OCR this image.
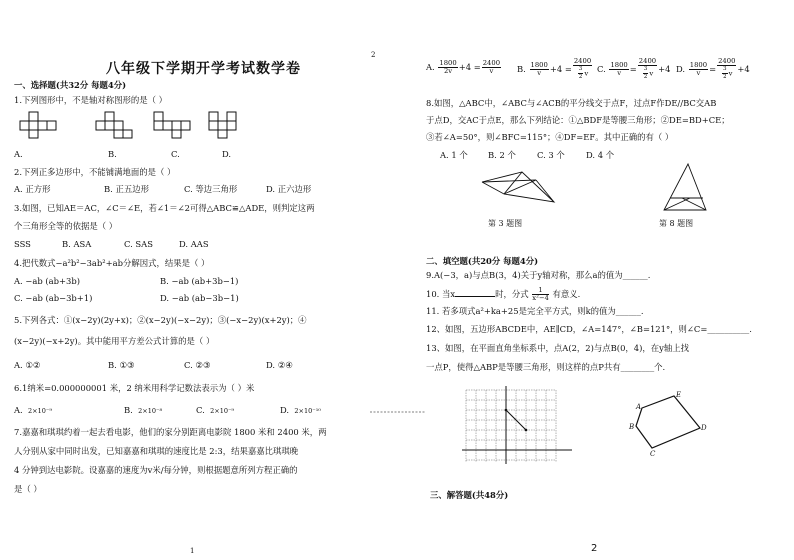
八年级下学期开学考试数学卷
2
一、选择题(共32分 每题4分)
1.下列图形中，不是轴对称图形的是（ ）
A.	B.	C.	D.
2.下列正多边形中，不能铺满地面的是（ ）
A. 正方形	B. 正五边形	C. 等边三角形	D. 正六边形
3.如图，已知AE＝AC，∠C＝∠E，若∠1＝∠2可得△ABC≌△ADE，则判定这两
个三角形全等的依据是（ ）
SSS	B. ASA	C. SAS	D. AAS
4.把代数式−a²b²−3ab²+ab分解因式，结果是（ ）
A. −ab (ab+3b)	B. −ab (ab+3b−1)
C. −ab (ab−3b+1)	D. −ab (ab−3b−1)
5.下列各式：①(x−2y)(2y+x)；②(x−2y)(−x−2y)；③(−x−2y)(x+2y)；④
(x−2y)(−x+2y)。其中能用平方差公式计算的是（ ）
A. ①②	B. ①③	C. ②③	D. ②④
6.1纳米=0.000000001 米，2 纳米用科学记数法表示为（ ）米
A. 2×10⁻⁹	B. 2×10⁻⁸	C. 2×10⁻⁹	D. 2×10⁻¹⁰
7.嘉嘉和琪琪约着一起去看电影，他们的家分别距离电影院 1800 米和 2400 米，两
人分别从家中同时出发，已知嘉嘉和琪琪的速度比是 2:3，结果嘉嘉比琪琪晚
4 分钟到达电影院。设嘉嘉的速度为v米/每分钟，则根据题意所列方程正确的
是（ ）
1
A. $\frac{1800}{2v} +4 = \frac{2400}{v} B$. $\frac{1800}{v} +4 = \frac{2400}{\frac{3}{2} v} C$. $\frac{1800}{v} = \frac{2400}{\frac{3}{2} v} +4$ D. $\frac{1800}{v} = \frac{2400}{\frac{3}{2} v} +4$
8.如图，△ABC中，∠ABC与∠ACB的平分线交于点F，过点F作DE//BC交AB
于点D，交AC于点E，那么下列结论：①△BDF是等腰三角形；②DE=BD+CE；
③若∠A=50°，则∠BFC=115°；④DF=EF。其中正确的有（ ）
A. 1 个 B. 2 个	C. 3 个	D. 4 个
第 3 题图	第 8 题图
二、填空题(共20分 每题4分)
9.A(−3，a)与点B(3，4)关于y轴对称，那么a的值为______.
10. 当x	时，分式 $\frac{1}{\text{x²−4}}$ 有意义.
11. 若多项式a²+ka+25是完全平方式，则k的值为______.
12、如图，五边形ABCDE中，AE∥CD，∠A=147°，∠B=121°，则∠C=__________.
13、如图，在平面直角坐标系中，点A(2，2)与点B(0，4)，在y轴上找
一点P，使得△ABP是等腰三角形，则这样的点P共有________个.
A
B
C
D
E
三、解答题(共48分)
2
